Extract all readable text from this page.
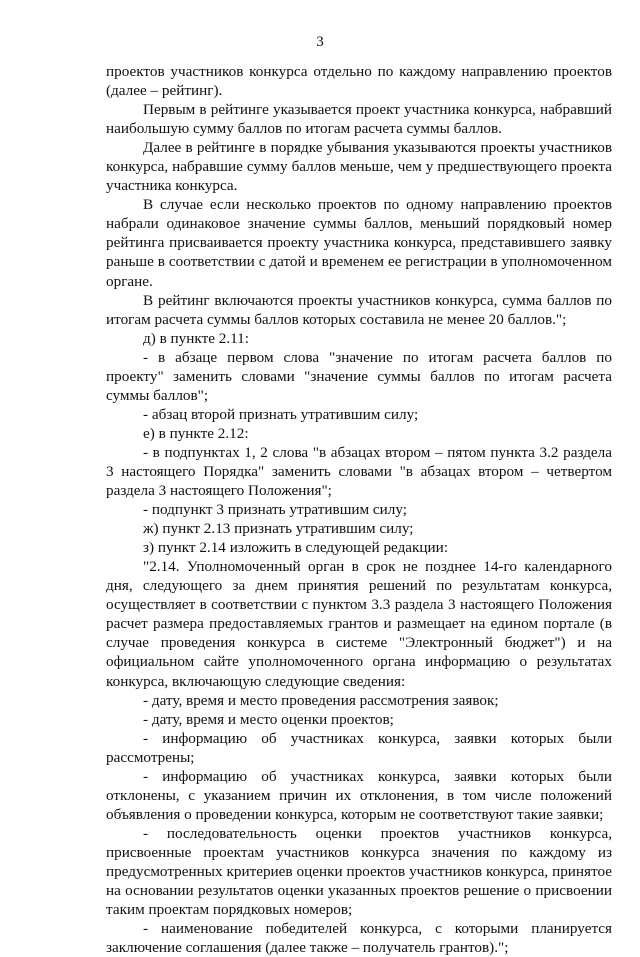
3

проектов участников конкурса отдельно по каждому направлению проектов (далее – рейтинг).

Первым в рейтинге указывается проект участника конкурса, набравший наибольшую сумму баллов по итогам расчета суммы баллов.

Далее в рейтинге в порядке убывания указываются проекты участников конкурса, набравшие сумму баллов меньше, чем у предшествующего проекта участника конкурса.

В случае если несколько проектов по одному направлению проектов набрали одинаковое значение суммы баллов, меньший порядковый номер рейтинга присваивается проекту участника конкурса, представившего заявку раньше в соответствии с датой и временем ее регистрации в уполномоченном органе.

В рейтинг включаются проекты участников конкурса, сумма баллов по итогам расчета суммы баллов которых составила не менее 20 баллов.";

д) в пункте 2.11:

- в абзаце первом слова "значение по итогам расчета баллов по проекту" заменить словами "значение суммы баллов по итогам расчета суммы баллов";

- абзац второй признать утратившим силу;

е) в пункте 2.12:

- в подпунктах 1, 2 слова "в абзацах втором – пятом пункта 3.2 раздела 3 настоящего Порядка" заменить словами "в абзацах втором – четвертом раздела 3 настоящего Положения";

- подпункт 3 признать утратившим силу;

ж) пункт 2.13 признать утратившим силу;

з) пункт 2.14 изложить в следующей редакции:

"2.14. Уполномоченный орган в срок не позднее 14-го календарного дня, следующего за днем принятия решений по результатам конкурса, осуществляет в соответствии с пунктом 3.3 раздела 3 настоящего Положения расчет размера предоставляемых грантов и размещает на едином портале (в случае проведения конкурса в системе "Электронный бюджет") и на официальном сайте уполномоченного органа информацию о результатах конкурса, включающую следующие сведения:

- дату, время и место проведения рассмотрения заявок;

- дату, время и место оценки проектов;

- информацию об участниках конкурса, заявки которых были рассмотрены;

- информацию об участниках конкурса, заявки которых были отклонены, с указанием причин их отклонения, в том числе положений объявления о проведении конкурса, которым не соответствуют такие заявки;

- последовательность оценки проектов участников конкурса, присвоенные проектам участников конкурса значения по каждому из предусмотренных критериев оценки проектов участников конкурса, принятое на основании результатов оценки указанных проектов решение о присвоении таким проектам порядковых номеров;

- наименование победителей конкурса, с которыми планируется заключение соглашения (далее также – получатель грантов).";
